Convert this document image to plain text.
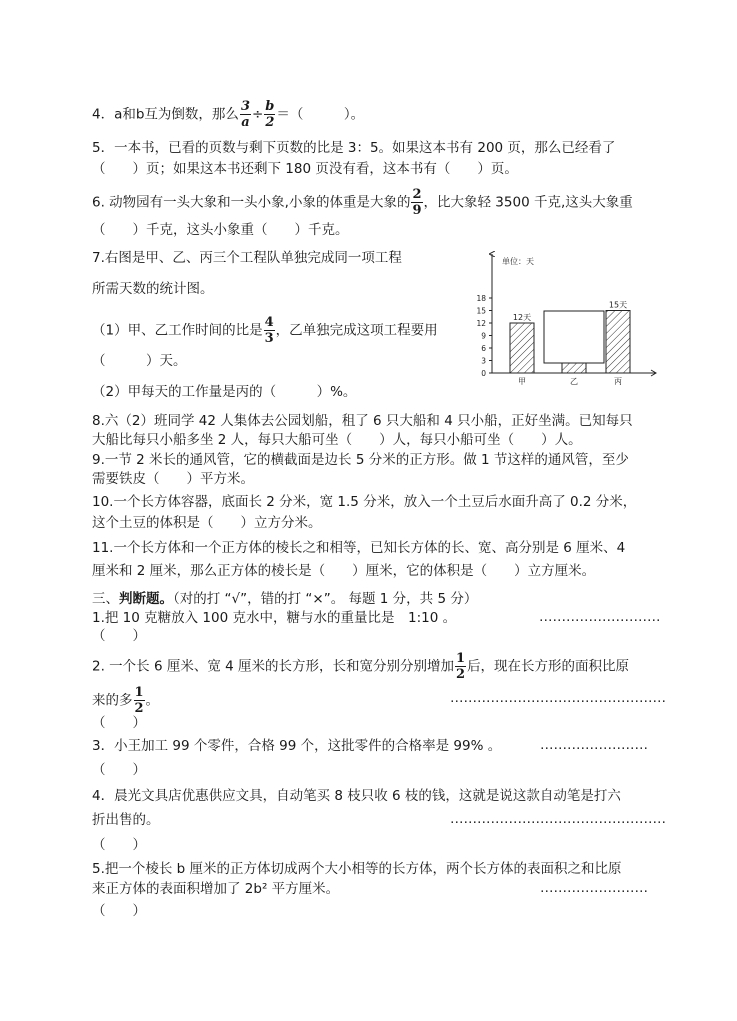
4．a和b互为倒数，那么 $\frac{3}{a} \div \frac{b}{2}$ ＝（　　　）。
5．一本书，已看的页数与剩下页数的比是 3：5。如果这本书有 200 页，那么已经看了
（　　）页；如果这本书还剩下 180 页没有看，这本书有（　　）页。
6. 动物园有一头大象和一头小象,小象的体重是大象的 $\frac{2}{9}$ ，比大象轻 3500 千克,这头大象重
（　　）千克，这头小象重（　　）千克。
7.右图是甲、乙、丙三个工程队单独完成同一项工程
所需天数的统计图。
（1）甲、乙工作时间的比是 $\frac{4}{3}$ ，乙单独完成这项工程要用
（　　　）天。
（2）甲每天的工作量是丙的（　　　）%。
单位：天
0
3
6
9
12
15
18
甲
12天
乙	丙
15天
8.六（2）班同学 42 人集体去公园划船，租了 6 只大船和 4 只小船，正好坐满。已知每只
大船比每只小船多坐 2 人，每只大船可坐（　　）人，每只小船可坐（　　）人。
9.一节 2 米长的通风管，它的横截面是边长 5 分米的正方形。做 1 节这样的通风管，至少
需要铁皮（　　）平方米。
10.一个长方体容器，底面长 2 分米，宽 1.5 分米，放入一个土豆后水面升高了 0.2 分米，
这个土豆的体积是（　　）立方分米。
11.一个长方体和一个正方体的棱长之和相等，已知长方体的长、宽、高分别是 6 厘米、4
厘米和 2 厘米，那么正方体的棱长是（　　）厘米，它的体积是（　　）立方厘米。
三、判断题。（对的打 “√”，错的打 “×”。 每题 1 分，共 5 分）
1.把 10 克糖放入 100 克水中，糖与水的重量比是　1:10 。	………………………
（　　）
2. 一个长 6 厘米、宽 4 厘米的长方形，长和宽分别分别增加 $\frac{1}{2}$ 后，现在长方形的面积比原
来的多 $\frac{1}{2}$ 。	…………………………………………
（　　）
3．小王加工 99 个零件，合格 99 个，这批零件的合格率是 99% 。	……………………
（　　）
4．晨光文具店优惠供应文具，自动笔买 8 枝只收 6 枝的钱，这就是说这款自动笔是打六
折出售的。	…………………………………………
（　　）
5.把一个棱长 b 厘米的正方体切成两个大小相等的长方体，两个长方体的表面积之和比原
来正方体的表面积增加了 2b² 平方厘米。	……………………
（　　）
